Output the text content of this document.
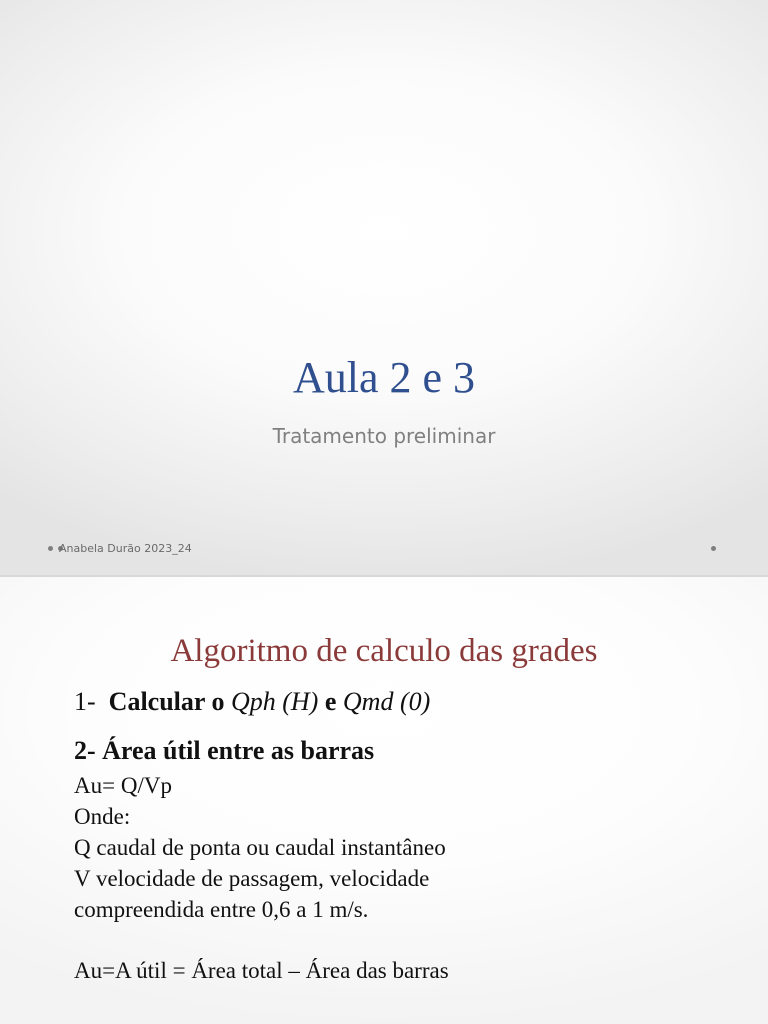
Aula 2 e 3
Tratamento preliminar
Anabela Durão 2023_24
Algoritmo de calculo das grades

1- Calcular o Qph (H) e Qmd (0)

2- Área útil entre as barras

Au= Q/Vp

Onde:

Q caudal de ponta ou caudal instantâneo

V velocidade de passagem, velocidade

compreendida entre 0,6 a 1 m/s.

Au=A útil = Área total – Área das barras
